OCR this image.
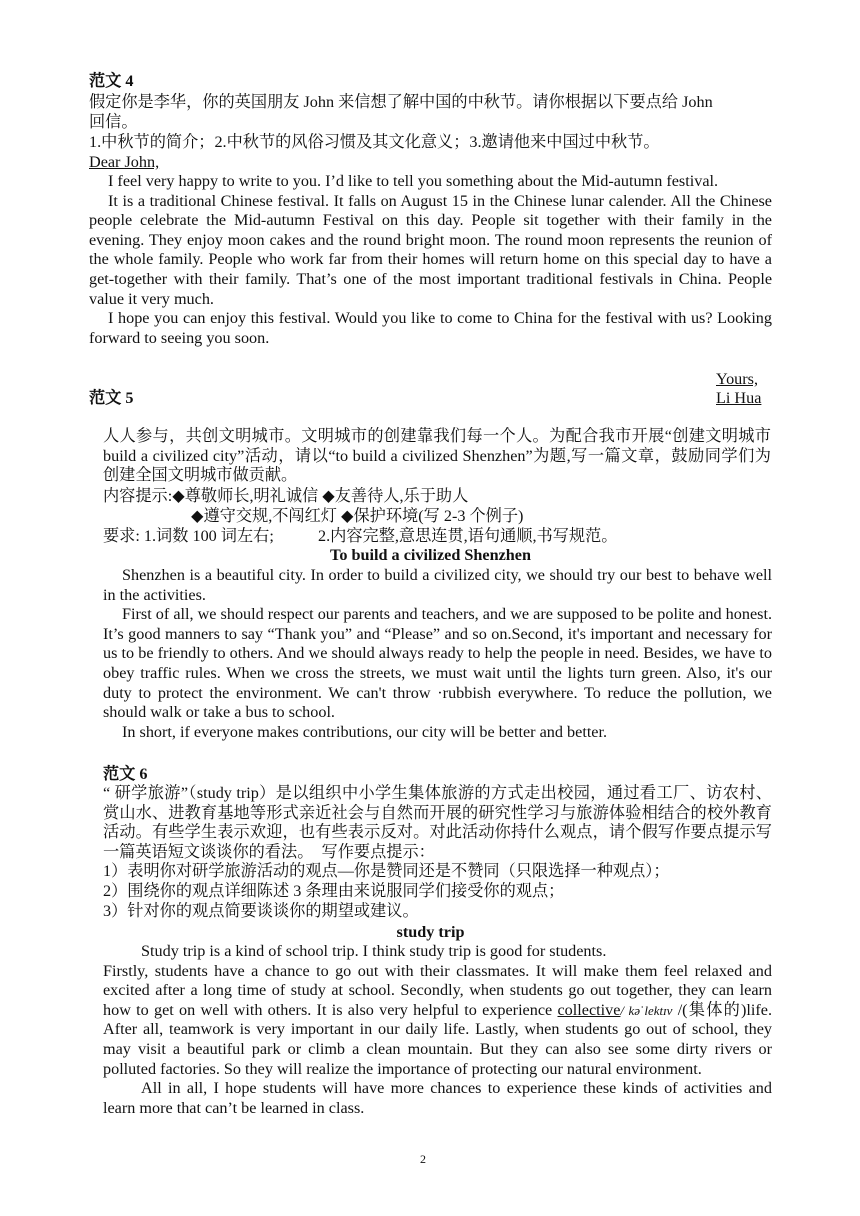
范文 4
假定你是李华，你的英国朋友 John 来信想了解中国的中秋节。请你根据以下要点给 John
回信。
1.中秋节的简介；2.中秋节的风俗习惯及其文化意义；3.邀请他来中国过中秋节。
Dear John,

I feel very happy to write to you. I’d like to tell you something about the Mid-autumn festival.

It is a traditional Chinese festival. It falls on August 15 in the Chinese lunar calender. All the Chinese people celebrate the Mid-autumn Festival on this day. People sit together with their family in the evening. They enjoy moon cakes and the round bright moon. The round moon represents the reunion of the whole family. People who work far from their homes will return home on this special day to have a get-together with their family. That’s one of the most important traditional festivals in China. People value it very much.

I hope you can enjoy this festival. Would you like to come to China for the festival with us? Looking forward to seeing you soon.

Yours,
范文 5	Li Hua

人人参与，共创文明城市。文明城市的创建靠我们每一个人。为配合我市开展“创建文明城市 build a civilized city”活动，请以“to build a civilized Shenzhen”为题,写一篇文章，鼓励同学们为创建全国文明城市做贡献。

内容提示:◆尊敬师长,明礼诚信 ◆友善待人,乐于助人
◆遵守交规,不闯红灯 ◆保护环境(写 2-3 个例子)
要求: 1.词数 100 词左右;	2.内容完整,意思连贯,语句通顺,书写规范。
To build a civilized Shenzhen

Shenzhen is a beautiful city. In order to build a civilized city, we should try our best to behave well in the activities.

First of all, we should respect our parents and teachers, and we are supposed to be polite and honest. It’s good manners to say “Thank you” and “Please” and so on.Second, it's important and necessary for us to be friendly to others. And we should always ready to help the people in need. Besides, we have to obey traffic rules. When we cross the streets, we must wait until the lights turn green. Also, it's our duty to protect the environment. We can't throw ·rubbish everywhere. To reduce the pollution, we should walk or take a bus to school.

In short, if everyone makes contributions, our city will be better and better.

范文 6

“ 研学旅游”（study trip）是以组织中小学生集体旅游的方式走出校园，通过看工厂、访农村、赏山水、进教育基地等形式亲近社会与自然而开展的研究性学习与旅游体验相结合的校外教育活动。有些学生表示欢迎，也有些表示反对。对此活动你持什么观点，请个假写作要点提示写一篇英语短文谈谈你的看法。　写作要点提示：

1）表明你对研学旅游活动的观点—你是赞同还是不赞同（只限选择一种观点）；

2）围绕你的观点详细陈述 3 条理由来说服同学们接受你的观点；

3）针对你的观点简要谈谈你的期望或建议。

study trip

Study trip is a kind of school trip. I think study trip is good for students.

Firstly, students have a chance to go out with their classmates. It will make them feel relaxed and excited after a long time of study at school. Secondly, when students go out together, they can learn how to get on well with others. It is also very helpful to experience collective/ kəˈlektɪv /(集体的)life. After all, teamwork is very important in our daily life. Lastly, when students go out of school, they may visit a beautiful park or climb a clean mountain. But they can also see some dirty rivers or polluted factories. So they will realize the importance of protecting our natural environment.

All in all, I hope students will have more chances to experience these kinds of activities and learn more that can’t be learned in class.

2
